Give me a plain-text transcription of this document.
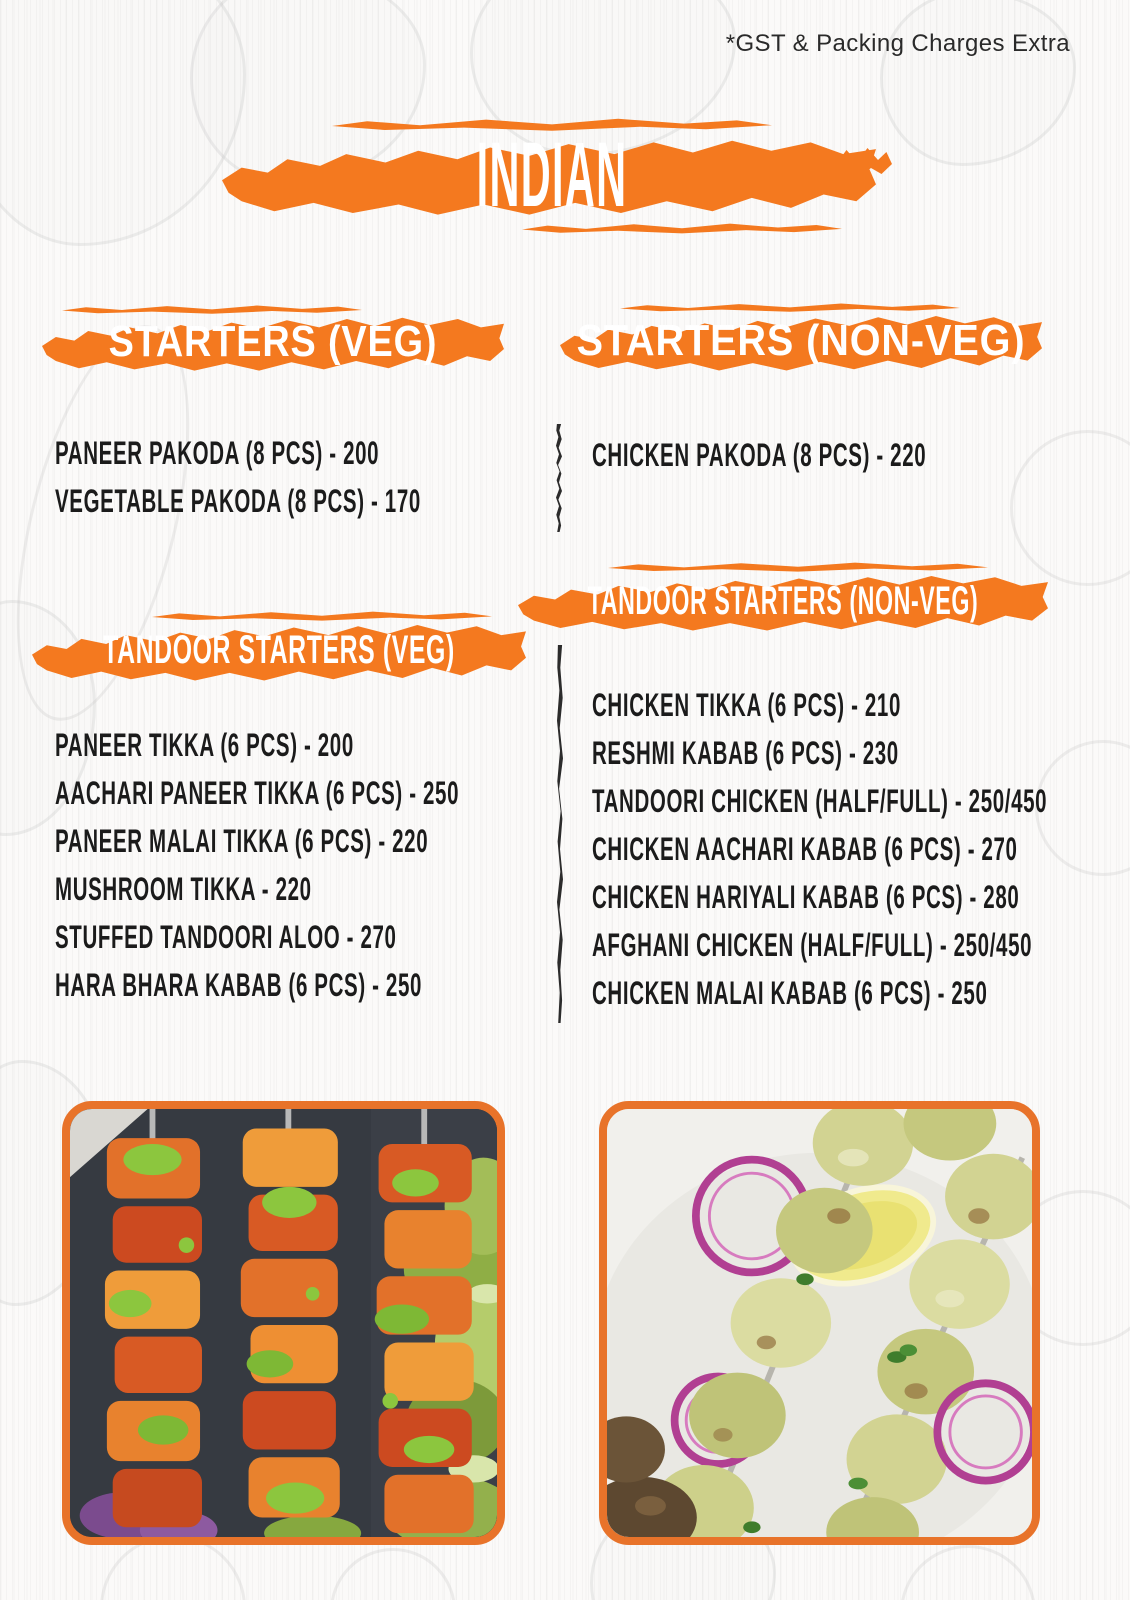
*GST & Packing Charges Extra
INDIAN
STARTERS (VEG)	STARTERS (NON-VEG)
PANEER PAKODA (8 PCS) - 200
VEGETABLE PAKODA (8 PCS) - 170
CHICKEN PAKODA (8 PCS) - 220
TANDOOR STARTERS (NON-VEG)
TANDOOR STARTERS (VEG)
PANEER TIKKA (6 PCS) - 200
AACHARI PANEER TIKKA (6 PCS) - 250
PANEER MALAI TIKKA (6 PCS) - 220
MUSHROOM TIKKA - 220
STUFFED TANDOORI ALOO - 270
HARA BHARA KABAB (6 PCS) - 250
CHICKEN TIKKA (6 PCS) - 210
RESHMI KABAB (6 PCS) - 230
TANDOORI CHICKEN (HALF/FULL) - 250/450
CHICKEN AACHARI KABAB (6 PCS) - 270
CHICKEN HARIYALI KABAB (6 PCS) - 280
AFGHANI CHICKEN (HALF/FULL) - 250/450
CHICKEN MALAI KABAB (6 PCS) - 250
